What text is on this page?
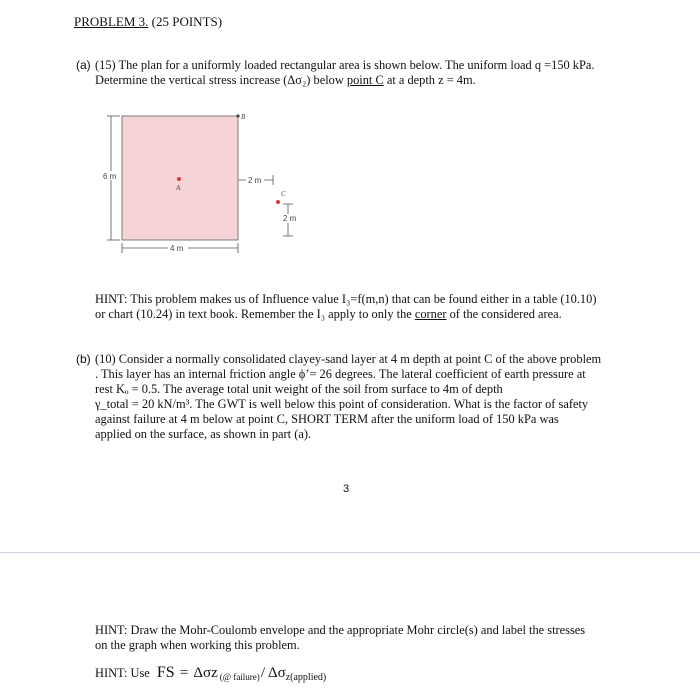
PROBLEM 3. (25 POINTS)
(a) (15) The plan for a uniformly loaded rectangular area is shown below. The uniform load q =150 kPa.
Determine the vertical stress increase (Δσ₂) below point C at a depth z = 4m.
6 m
4 m
B
A
2 m
C
2 m
HINT: This problem makes us of Influence value I₃=f(m,n) that can be found either in a table (10.10)
or chart (10.24) in text book. Remember the I₃ apply to only the corner of the considered area.
(b) (10) Consider a normally consolidated clayey-sand layer at 4 m depth at point C of the above problem
. This layer has an internal friction angle ϕ’= 26 degrees. The lateral coefficient of earth pressure at
rest Kₒ = 0.5. The average total unit weight of the soil from surface to 4m of depth
γ_total = 20 kN/m³. The GWT is well below this point of consideration. What is the factor of safety
against failure at 4 m below at point C, SHORT TERM after the uniform load of 150 kPa was
applied on the surface, as shown in part (a).
3
HINT: Draw the Mohr-Coulomb envelope and the appropriate Mohr circle(s) and label the stresses
on the graph when working this problem.
HINT: Use FS = Δσz $_{(@ failure)}$/ $\Delta\sigma_{z(applied)}$
